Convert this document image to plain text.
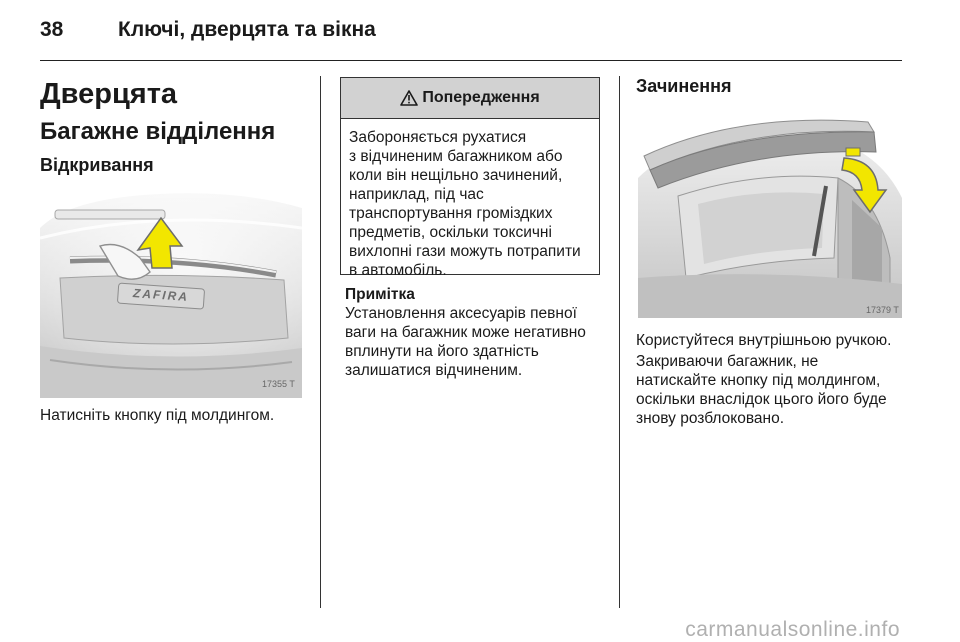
38	Ключі, дверцята та вікна
Дверцята
Багажне відділення
Відкривання
ZAFIRA
17355 T
Натисніть кнопку під молдингом.
Попередження
Забороняється рухатися
з відчиненим багажником або
коли він нещільно зачинений,
наприклад, під час
транспортування громіздких
предметів, оскільки токсичні
вихлопні гази можуть потрапити
в автомобіль.
Примітка
Установлення аксесуарів певної
ваги на багажник може негативно
вплинути на його здатність
залишатися відчиненим.
Зачинення
17379 T
Користуйтеся внутрішньою ручкою.
Закриваючи багажник, не
натискайте кнопку під молдингом,
оскільки внаслідок цього його буде
знову розблоковано.
carmanualsonline.info
